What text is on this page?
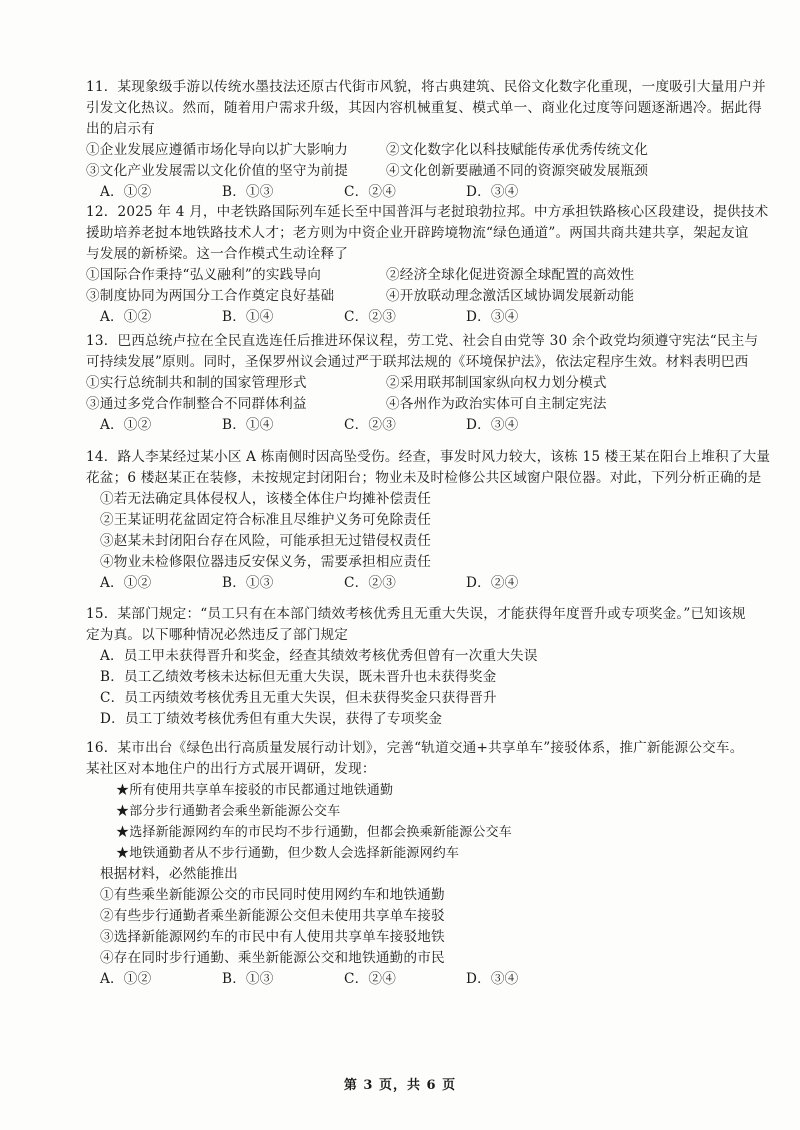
11．某现象级手游以传统水墨技法还原古代街市风貌，将古典建筑、民俗文化数字化重现，一度吸引大量用户并
引发文化热议。然而，随着用户需求升级，其因内容机械重复、模式单一、商业化过度等问题逐渐遇冷。据此得
出的启示有
①企业发展应遵循市场化导向以扩大影响力	②文化数字化以科技赋能传承优秀传统文化
③文化产业发展需以文化价值的坚守为前提	④文化创新要融通不同的资源突破发展瓶颈
A．①②	B．①③	C．②④	D．③④
12．2025 年 4 月，中老铁路国际列车延长至中国普洱与老挝琅勃拉邦。中方承担铁路核心区段建设，提供技术
援助培养老挝本地铁路技术人才；老方则为中资企业开辟跨境物流“绿色通道”。两国共商共建共享，架起友谊
与发展的新桥梁。这一合作模式生动诠释了
①国际合作秉持“弘义融利”的实践导向	②经济全球化促进资源全球配置的高效性
③制度协同为两国分工合作奠定良好基础	④开放联动理念激活区域协调发展新动能
A．①②	B．①④	C．②③	D．③④
13．巴西总统卢拉在全民直选连任后推进环保议程，劳工党、社会自由党等 30 余个政党均须遵守宪法“民主与
可持续发展”原则。同时，圣保罗州议会通过严于联邦法规的《环境保护法》，依法定程序生效。材料表明巴西
①实行总统制共和制的国家管理形式	②采用联邦制国家纵向权力划分模式
③通过多党合作制整合不同群体利益	④各州作为政治实体可自主制定宪法
A．①②	B．①④	C．②③	D．③④
14．路人李某经过某小区 A 栋南侧时因高坠受伤。经查，事发时风力较大，该栋 15 楼王某在阳台上堆积了大量
花盆；6 楼赵某正在装修，未按规定封闭阳台；物业未及时检修公共区域窗户限位器。对此，下列分析正确的是
①若无法确定具体侵权人，该楼全体住户均摊补偿责任
②王某证明花盆固定符合标准且尽维护义务可免除责任
③赵某未封闭阳台存在风险，可能承担无过错侵权责任
④物业未检修限位器违反安保义务，需要承担相应责任
A．①②	B．①③	C．②③	D．②④
15．某部门规定：“员工只有在本部门绩效考核优秀且无重大失误，才能获得年度晋升或专项奖金。”已知该规
定为真。以下哪种情况必然违反了部门规定
A．员工甲未获得晋升和奖金，经查其绩效考核优秀但曾有一次重大失误
B．员工乙绩效考核未达标但无重大失误，既未晋升也未获得奖金
C．员工丙绩效考核优秀且无重大失误，但未获得奖金只获得晋升
D．员工丁绩效考核优秀但有重大失误，获得了专项奖金
16．某市出台《绿色出行高质量发展行动计划》，完善“轨道交通+共享单车”接驳体系，推广新能源公交车。
某社区对本地住户的出行方式展开调研，发现：
★所有使用共享单车接驳的市民都通过地铁通勤
★部分步行通勤者会乘坐新能源公交车
★选择新能源网约车的市民均不步行通勤，但都会换乘新能源公交车
★地铁通勤者从不步行通勤，但少数人会选择新能源网约车
根据材料，必然能推出
①有些乘坐新能源公交的市民同时使用网约车和地铁通勤
②有些步行通勤者乘坐新能源公交但未使用共享单车接驳
③选择新能源网约车的市民中有人使用共享单车接驳地铁
④存在同时步行通勤、乘坐新能源公交和地铁通勤的市民
A．①②	B．①③	C．②④	D．③④
第 3 页，共 6 页
